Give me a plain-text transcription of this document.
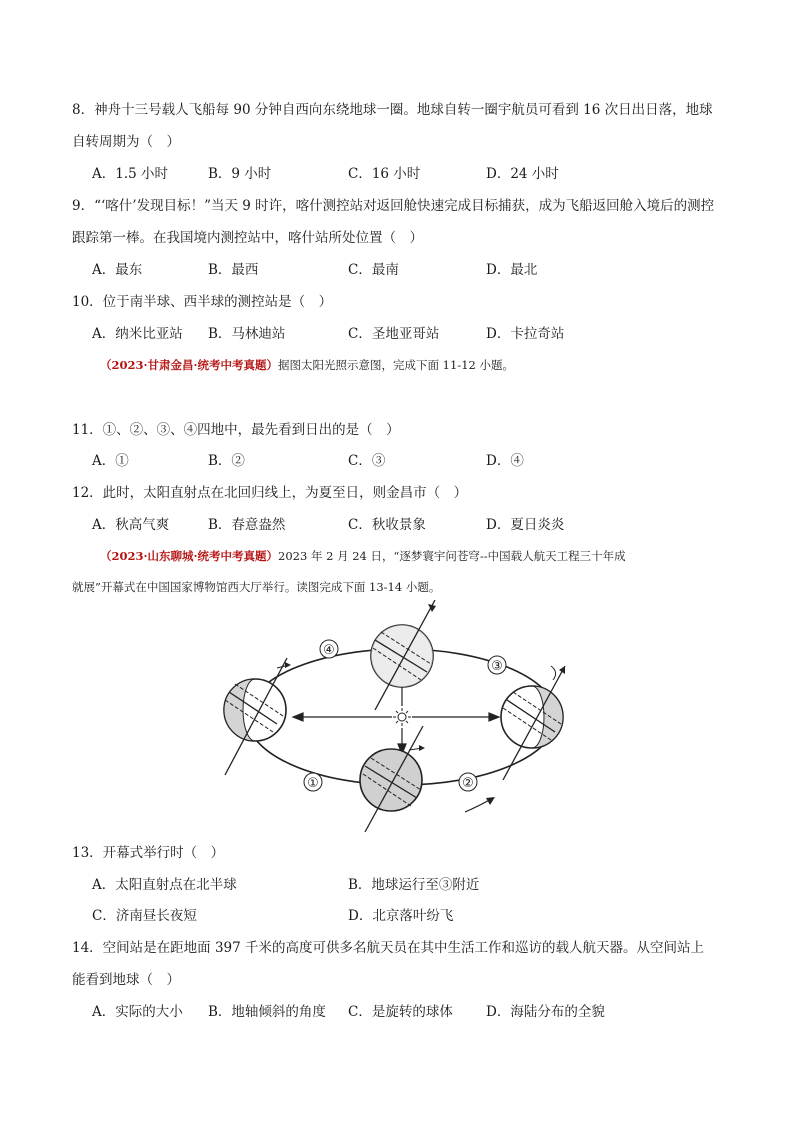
8．神舟十三号载人飞船每 90 分钟自西向东绕地球一圈。地球自转一圈宇航员可看到 16 次日出日落，地球
自转周期为（　）
A．1.5 小时	B．9 小时	C．16 小时	D．24 小时
9．“‘喀什’发现目标！”当天 9 时许，喀什测控站对返回舱快速完成目标捕获，成为飞船返回舱入境后的测控
跟踪第一棒。在我国境内测控站中，喀什站所处位置（　）
A．最东	B．最西	C．最南	D．最北
10．位于南半球、西半球的测控站是（　）
A．纳米比亚站 B．马林迪站	C．圣地亚哥站	D．卡拉奇站
（2023·甘肃金昌·统考中考真题）据图太阳光照示意图，完成下面 11-12 小题。
11．①、②、③、④四地中，最先看到日出的是（　）
A．①	B．②	C．③	D．④
12．此时，太阳直射点在北回归线上，为夏至日，则金昌市（　）
A．秋高气爽	B．春意盎然	C．秋收景象	D．夏日炎炎
（2023·山东聊城·统考中考真题）2023 年 2 月 24 日，“逐梦寰宇问苍穹--中国载人航天工程三十年成
就展”开幕式在中国国家博物馆西大厅举行。读图完成下面 13-14 小题。
①	②
③
④
13．开幕式举行时（　）
A．太阳直射点在北半球	B．地球运行至③附近
C．济南昼长夜短	D．北京落叶纷飞
14．空间站是在距地面 397 千米的高度可供多名航天员在其中生活工作和巡访的载人航天器。从空间站上
能看到地球（　）
A．实际的大小 B．地轴倾斜的角度 C．是旋转的球体 D．海陆分布的全貌
